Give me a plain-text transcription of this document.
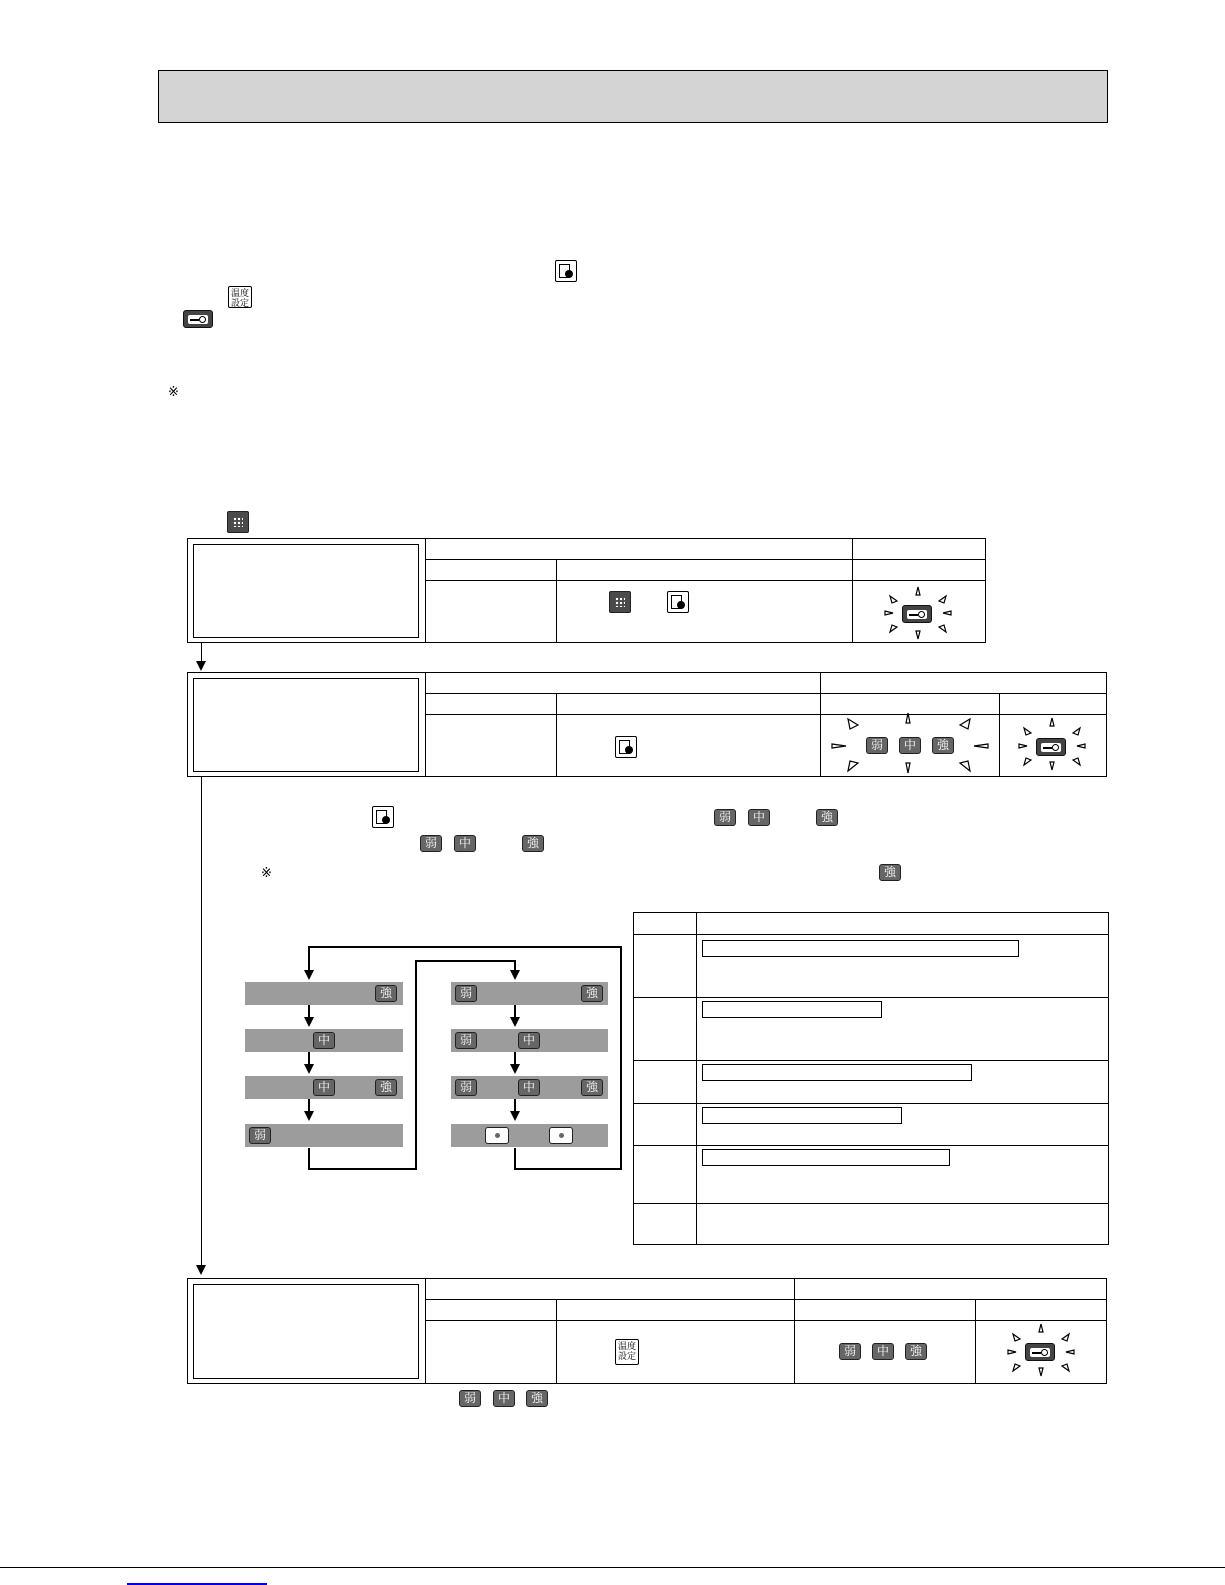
温度
設定
※

弱	中	強
弱	中	強
弱	中	強
※	強
強
中
中	強
弱
弱	強
弱	中
弱	中	強

温度
設定	弱	中	強
弱	中	強
